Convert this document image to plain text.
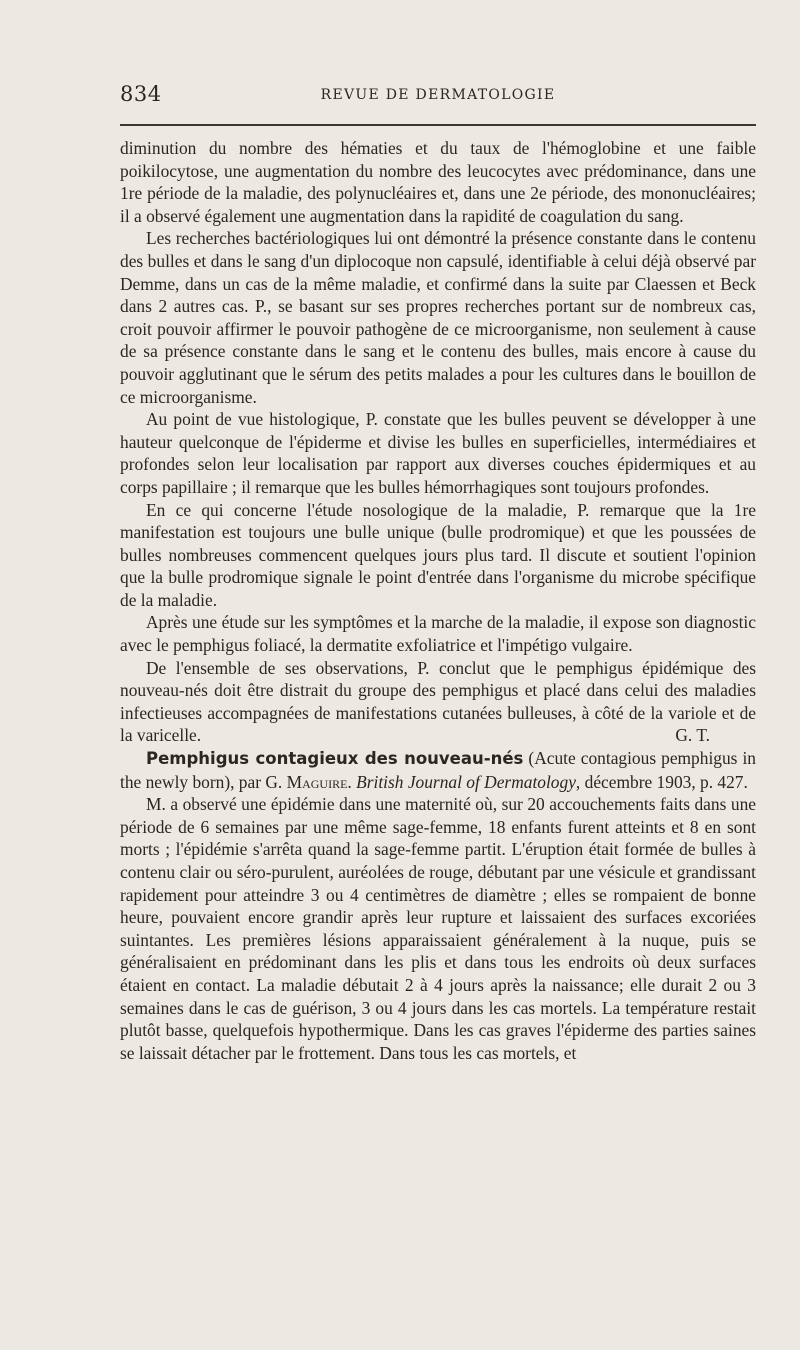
834	REVUE DE DERMATOLOGIE

diminution du nombre des hématies et du taux de l'hémoglobine et une faible poikilocytose, une augmentation du nombre des leucocytes avec prédominance, dans une 1re période de la maladie, des polynucléaires et, dans une 2e période, des mononucléaires; il a observé également une augmentation dans la rapidité de coagulation du sang.

Les recherches bactériologiques lui ont démontré la présence constante dans le contenu des bulles et dans le sang d'un diplocoque non capsulé, identifiable à celui déjà observé par Demme, dans un cas de la même maladie, et confirmé dans la suite par Claessen et Beck dans 2 autres cas. P., se basant sur ses propres recherches portant sur de nombreux cas, croit pouvoir affirmer le pouvoir pathogène de ce microorganisme, non seulement à cause de sa présence constante dans le sang et le contenu des bulles, mais encore à cause du pouvoir agglutinant que le sérum des petits malades a pour les cultures dans le bouillon de ce microorganisme.

Au point de vue histologique, P. constate que les bulles peuvent se développer à une hauteur quelconque de l'épiderme et divise les bulles en superficielles, intermédiaires et profondes selon leur localisation par rapport aux diverses couches épidermiques et au corps papillaire ; il remarque que les bulles hémorrhagiques sont toujours profondes.

En ce qui concerne l'étude nosologique de la maladie, P. remarque que la 1re manifestation est toujours une bulle unique (bulle prodromique) et que les poussées de bulles nombreuses commencent quelques jours plus tard. Il discute et soutient l'opinion que la bulle prodromique signale le point d'entrée dans l'organisme du microbe spécifique de la maladie.

Après une étude sur les symptômes et la marche de la maladie, il expose son diagnostic avec le pemphigus foliacé, la dermatite exfoliatrice et l'impétigo vulgaire.

De l'ensemble de ses observations, P. conclut que le pemphigus épidémique des nouveau-nés doit être distrait du groupe des pemphigus et placé dans celui des maladies infectieuses accompagnées de manifestations cutanées bulleuses, à côté de la variole et de la varicelle.	G. T.

Pemphigus contagieux des nouveau-nés (Acute contagious pemphigus in the newly born), par G. Maguire. British Journal of Dermatology, décembre 1903, p. 427.

M. a observé une épidémie dans une maternité où, sur 20 accouchements faits dans une période de 6 semaines par une même sage-femme, 18 enfants furent atteints et 8 en sont morts ; l'épidémie s'arrêta quand la sage-femme partit. L'éruption était formée de bulles à contenu clair ou séro-purulent, auréolées de rouge, débutant par une vésicule et grandissant rapidement pour atteindre 3 ou 4 centimètres de diamètre ; elles se rompaient de bonne heure, pouvaient encore grandir après leur rupture et laissaient des surfaces excoriées suintantes. Les premières lésions apparaissaient généralement à la nuque, puis se généralisaient en prédominant dans les plis et dans tous les endroits où deux surfaces étaient en contact. La maladie débutait 2 à 4 jours après la naissance; elle durait 2 ou 3 semaines dans le cas de guérison, 3 ou 4 jours dans les cas mortels. La température restait plutôt basse, quelquefois hypothermique. Dans les cas graves l'épiderme des parties saines se laissait détacher par le frottement. Dans tous les cas mortels, et
